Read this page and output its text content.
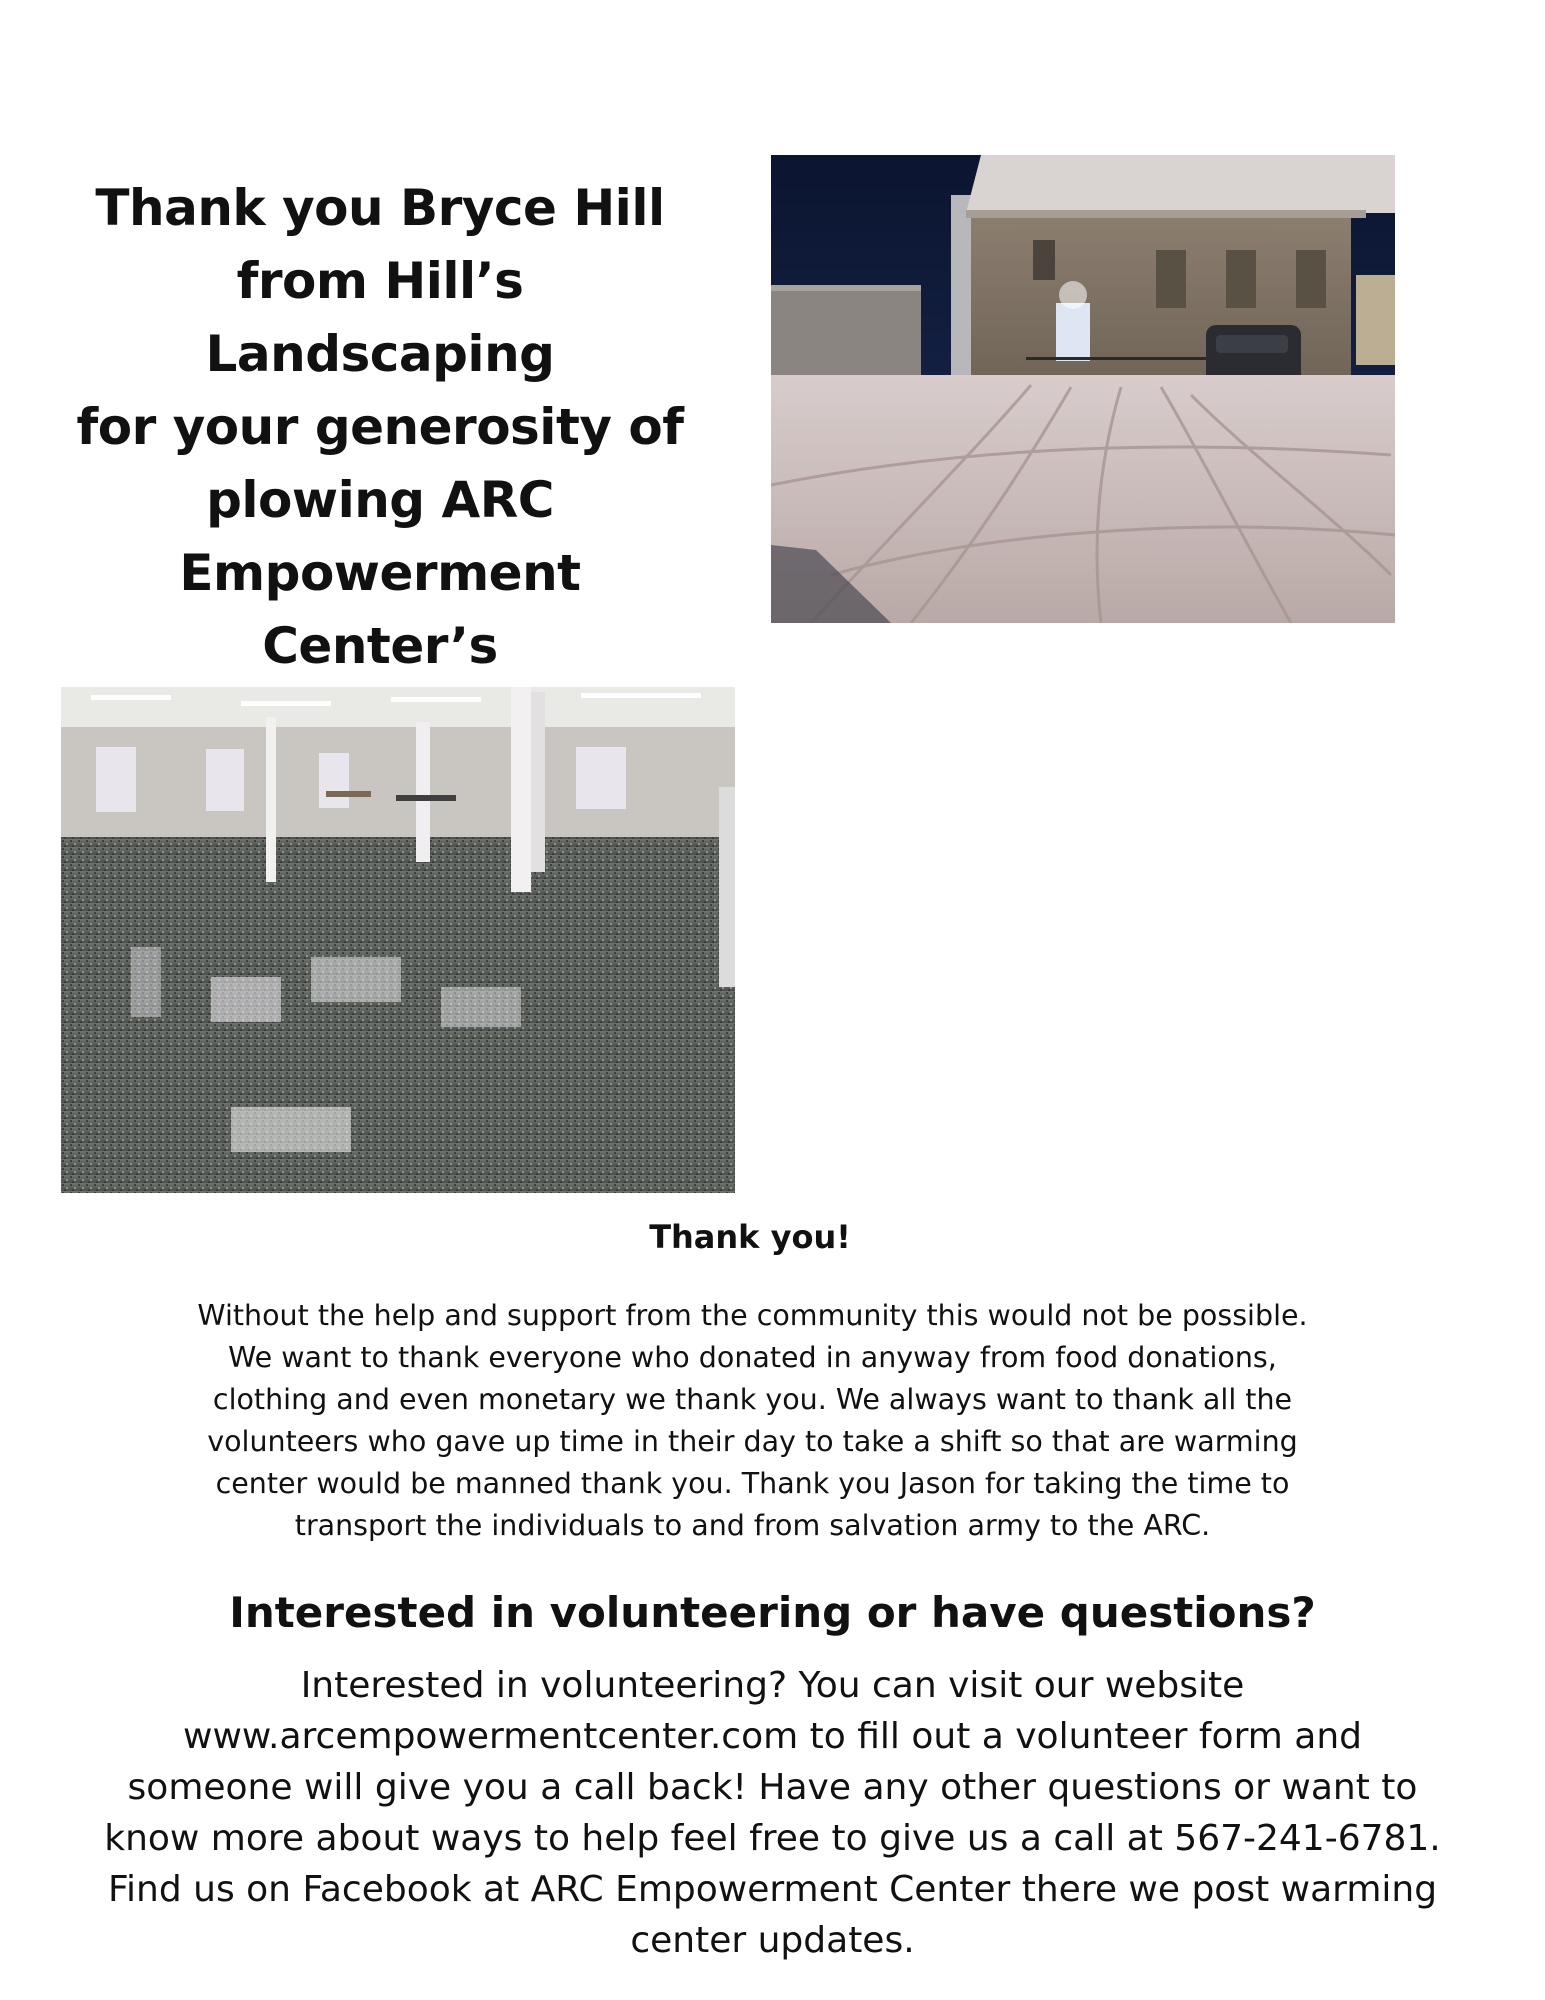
Thank you Bryce Hill
from Hill’s Landscaping
for your generosity of
plowing ARC
Empowerment Center’s

Thank you!
Without the help and support from the community this would not be possible. We want to thank everyone who donated in anyway from food donations, clothing and even monetary we thank you. We always want to thank all the volunteers who gave up time in their day to take a shift so that are warming center would be manned thank you. Thank you Jason for taking the time to transport the individuals to and from salvation army to the ARC.
Interested in volunteering or have questions?
Interested in volunteering? You can visit our website www.arcempowermentcenter.com to fill out a volunteer form and someone will give you a call back! Have any other questions or want to know more about ways to help feel free to give us a call at 567-241-6781. Find us on Facebook at ARC Empowerment Center there we post warming center updates.
